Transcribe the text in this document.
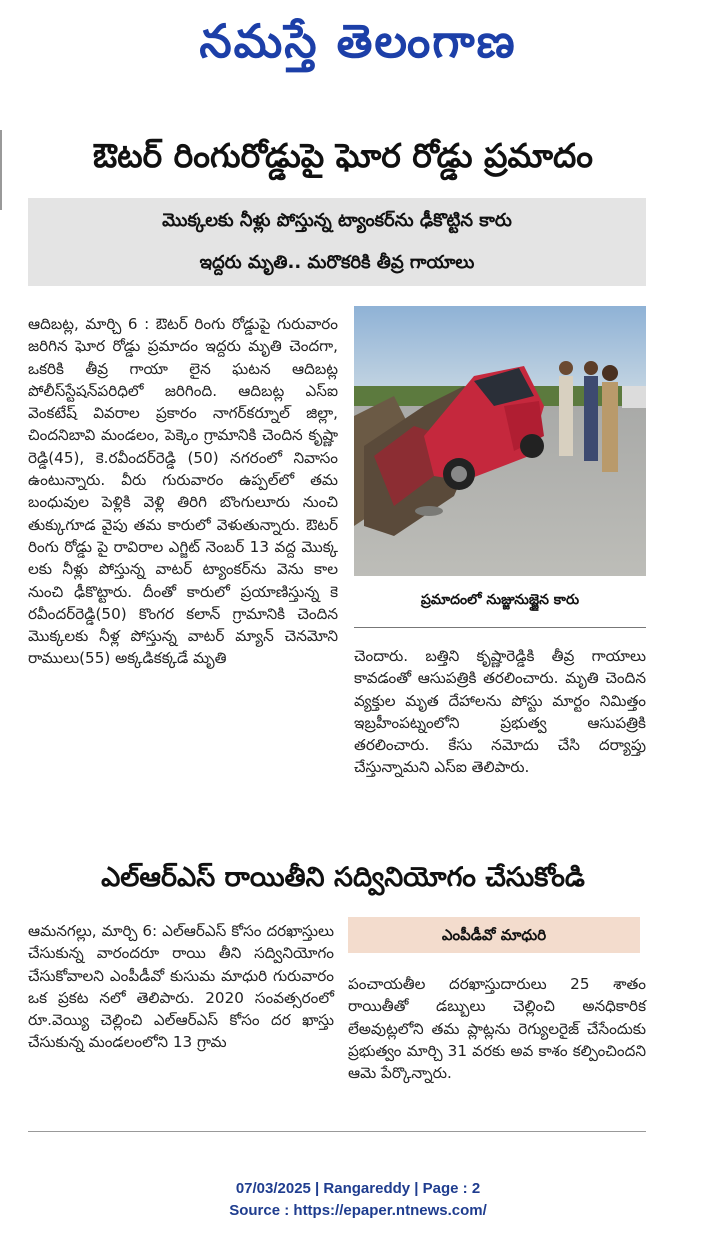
నమస్తే తెలంగాణ
ఔటర్ రింగురోడ్డుపై ఘోర రోడ్డు ప్రమాదం
మొక్కలకు నీళ్లు పోస్తున్న ట్యాంకర్‌ను ఢీకొట్టిన కారు
ఇద్దరు మృతి.. మరొకరికి తీవ్ర గాయాలు

ఆదిబట్ల, మార్చి 6 : ఔటర్ రింగు రోడ్డుపై గురువారం జరిగిన ఘోర రోడ్డు ప్రమాదం ఇద్దరు మృతి చెందగా, ఒకరికి తీవ్ర గాయా లైన ఘటన ఆదిబట్ల పోలీస్‌స్టేషన్‌పరిధిలో జరిగింది. ఆదిబట్ల ఎస్ఐ వెంకటేష్ వివరాల ప్రకారం నాగర్‌కర్నూల్ జిల్లా, చిందనిబావి మండలం, పెక్కెం గ్రామానికి చెందిన కృష్ణా రెడ్డి(45), కె.రవీందర్‌రెడ్డి (50) నగరంలో నివాసం ఉంటున్నారు. వీరు గురువారం ఉప్పల్‌లో తమ బంధువుల పెళ్లికి వెళ్లి తిరిగి బొంగులూరు నుంచి తుక్కుగూడ వైపు తమ కారులో వెళుతున్నారు. ఔటర్ రింగు రోడ్డు పై రావిరాల ఎగ్జిట్ నెంబర్ 13 వద్ద మొక్క లకు నీళ్లు పోస్తున్న వాటర్ ట్యాంకర్‌ను వెను కాల నుంచి ఢీకొట్టారు. దీంతో కారులో ప్రయాణిస్తున్న కె రవీందర్‌రెడ్డి(50) కొంగర కలాన్ గ్రామానికి చెందిన మొక్కలకు నీళ్ల పోస్తున్న వాటర్ మ్యాన్ చెనమోని రాములు(55) అక్కడికక్కడే మృతి

ప్రమాదంలో నుజ్జునుజ్జైన కారు

చెందారు. బత్తిని కృష్ణారెడ్డికి తీవ్ర గాయాలు కావడంతో ఆసుపత్రికి తరలించారు. మృతి చెందిన వ్యక్తుల మృత దేహాలను పోస్టు మార్టం నిమిత్తం ఇబ్రహీంపట్నంలోని ప్రభుత్వ ఆసుపత్రికి తరలించారు. కేసు నమోదు చేసి దర్యాప్తు చేస్తున్నామని ఎస్ఐ తెలిపారు.

ఎల్ఆర్ఎస్ రాయితీని సద్వినియోగం చేసుకోండి

ఆమనగల్లు, మార్చి 6: ఎల్ఆర్ఎస్ కోసం దరఖాస్తులు చేసుకున్న వారందరూ రాయి తీని సద్వినియోగం చేసుకోవాలని ఎంపీడీవో కుసుమ మాధురి గురువారం ఒక ప్రకట నలో తెలిపారు. 2020 సంవత్సరంలో రూ.వెయ్యి చెల్లించి ఎల్ఆర్ఎస్ కోసం దర ఖాస్తు చేసుకున్న మండలంలోని 13 గ్రామ

ఎంపీడీవో మాధురి

పంచాయతీల దరఖాస్తుదారులు 25 శాతం రాయితీతో డబ్బులు చెల్లించి అనధికారిక లేఅవుట్లలోని తమ ప్లాట్లను రెగ్యులరైజ్ చేసేందుకు ప్రభుత్వం మార్చి 31 వరకు అవ కాశం కల్పించిందని ఆమె పేర్కొన్నారు.

07/03/2025 | Rangareddy | Page : 2
Source : https://epaper.ntnews.com/
